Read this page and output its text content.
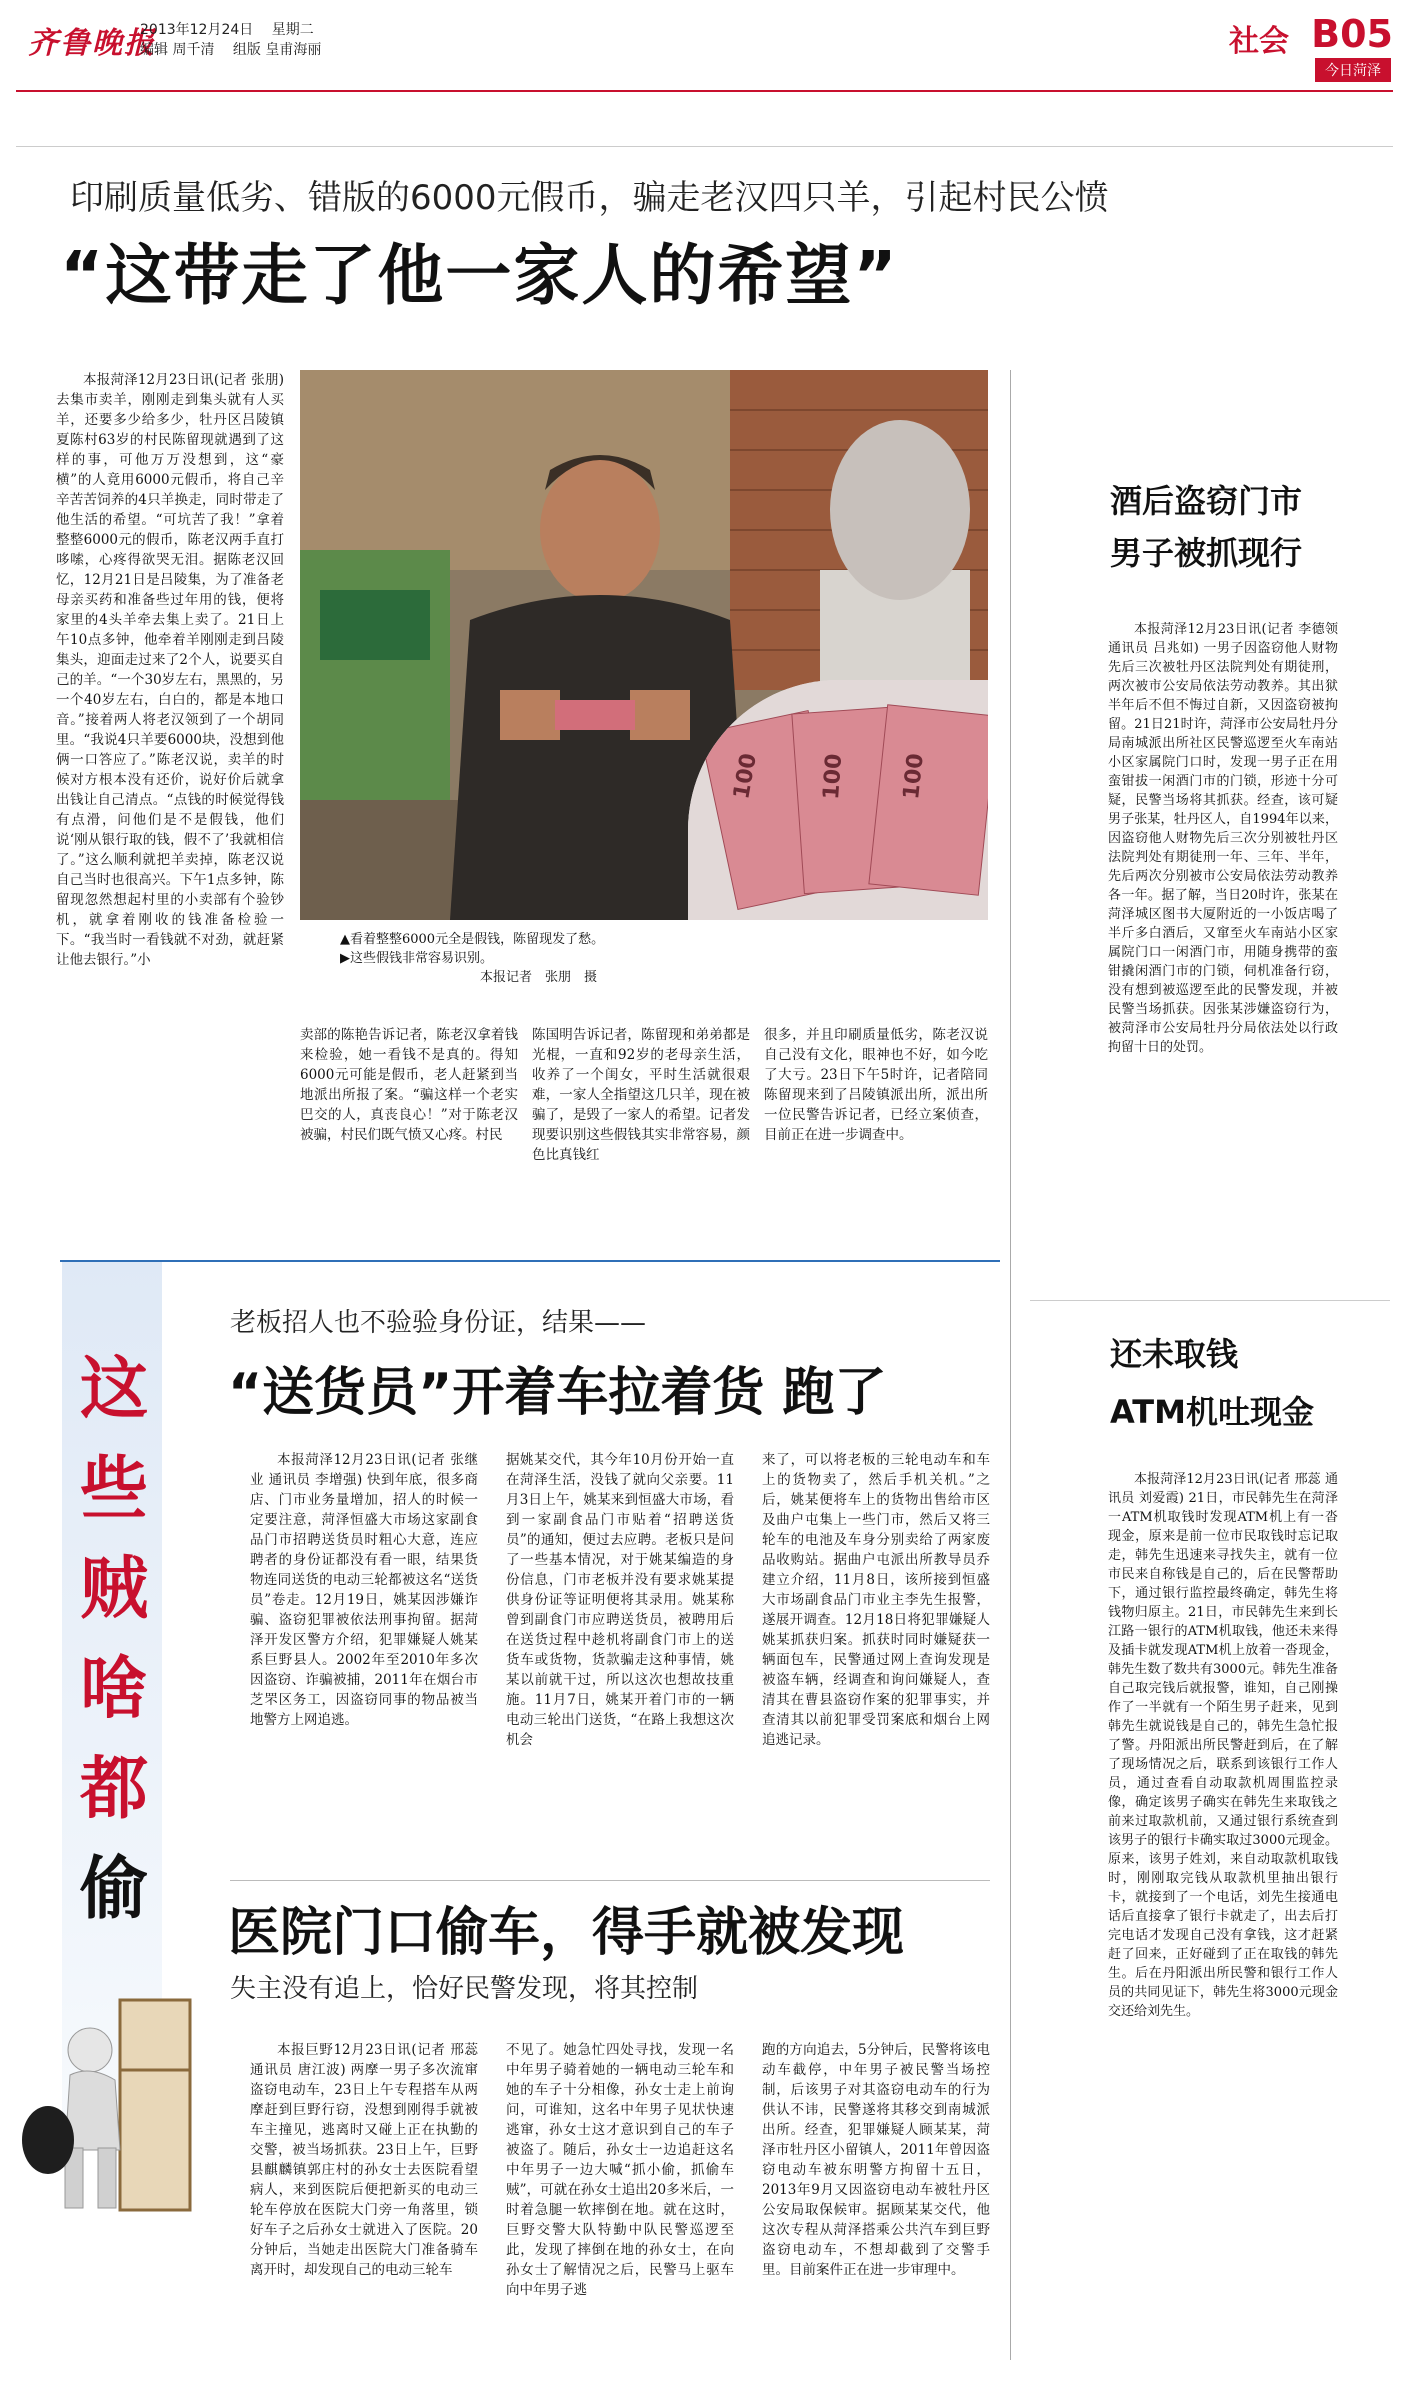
齐鲁晚报
2013年12月24日 星期二
编辑 周千清 组版 皇甫海丽	社会 B05
今日菏泽
印刷质量低劣、错版的6000元假币，骗走老汉四只羊，引起村民公愤
“这带走了他一家人的希望”

本报菏泽12月23日讯(记者 张朋) 去集市卖羊，刚刚走到集头就有人买羊，还要多少给多少，牡丹区吕陵镇夏陈村63岁的村民陈留现就遇到了这样的事，可他万万没想到，这“豪横”的人竟用6000元假币，将自己辛辛苦苦饲养的4只羊换走，同时带走了他生活的希望。“可坑苦了我！”拿着整整6000元的假币，陈老汉两手直打哆嗦，心疼得欲哭无泪。据陈老汉回忆，12月21日是吕陵集，为了准备老母亲买药和准备些过年用的钱，便将家里的4头羊牵去集上卖了。21日上午10点多钟，他牵着羊刚刚走到吕陵集头，迎面走过来了2个人，说要买自己的羊。“一个30岁左右，黑黑的，另一个40岁左右，白白的，都是本地口音。”接着两人将老汉领到了一个胡同里。“我说4只羊要6000块，没想到他俩一口答应了。”陈老汉说，卖羊的时候对方根本没有还价，说好价后就拿出钱让自己清点。“点钱的时候觉得钱有点滑，问他们是不是假钱，他们说‘刚从银行取的钱，假不了’我就相信了。”这么顺利就把羊卖掉，陈老汉说自己当时也很高兴。下午1点多钟，陈留现忽然想起村里的小卖部有个验钞机，就拿着刚收的钱准备检验一下。“我当时一看钱就不对劲，就赶紧让他去银行。”小

100	100 100
▲看着整整6000元全是假钱，陈留现发了愁。
▶这些假钱非常容易识别。
本报记者　张朋　摄

卖部的陈艳告诉记者，陈老汉拿着钱来检验，她一看钱不是真的。得知6000元可能是假币，老人赶紧到当地派出所报了案。“骗这样一个老实巴交的人，真丧良心！”对于陈老汉被骗，村民们既气愤又心疼。村民

陈国明告诉记者，陈留现和弟弟都是光棍，一直和92岁的老母亲生活，收养了一个闺女，平时生活就很艰难，一家人全指望这几只羊，现在被骗了，是毁了一家人的希望。记者发现要识别这些假钱其实非常容易，颜色比真钱红

很多，并且印刷质量低劣，陈老汉说自己没有文化，眼神也不好，如今吃了大亏。23日下午5时许，记者陪同陈留现来到了吕陵镇派出所，派出所一位民警告诉记者，已经立案侦查，目前正在进一步调查中。

酒后盗窃门市
男子被抓现行

本报菏泽12月23日讯(记者 李德领 通讯员 吕兆如) 一男子因盗窃他人财物先后三次被牡丹区法院判处有期徒刑，两次被市公安局依法劳动教养。其出狱半年后不但不悔过自新，又因盗窃被拘留。21日21时许，菏泽市公安局牡丹分局南城派出所社区民警巡逻至火车南站小区家属院门口时，发现一男子正在用蛮钳拔一闲酒门市的门锁，形迹十分可疑，民警当场将其抓获。经查，该可疑男子张某，牡丹区人，自1994年以来，因盗窃他人财物先后三次分别被牡丹区法院判处有期徒刑一年、三年、半年，先后两次分别被市公安局依法劳动教养各一年。据了解，当日20时许，张某在菏泽城区图书大厦附近的一小饭店喝了半斤多白酒后，又窜至火车南站小区家属院门口一闲酒门市，用随身携带的蛮钳撬闲酒门市的门锁，伺机准备行窃，没有想到被巡逻至此的民警发现，并被民警当场抓获。因张某涉嫌盗窃行为，被菏泽市公安局牡丹分局依法处以行政拘留十日的处罚。

还未取钱
ATM机吐现金

本报菏泽12月23日讯(记者 邢蕊 通讯员 刘爱霞) 21日，市民韩先生在菏泽一ATM机取钱时发现ATM机上有一沓现金，原来是前一位市民取钱时忘记取走，韩先生迅速来寻找失主，就有一位市民来自称钱是自己的，后在民警帮助下，通过银行监控最终确定，韩先生将钱物归原主。21日，市民韩先生来到长江路一银行的ATM机取钱，他还未来得及插卡就发现ATM机上放着一沓现金，韩先生数了数共有3000元。韩先生准备自己取完钱后就报警，谁知，自己刚操作了一半就有一个陌生男子赶来，见到韩先生就说钱是自己的，韩先生急忙报了警。丹阳派出所民警赶到后，在了解了现场情况之后，联系到该银行工作人员，通过查看自动取款机周围监控录像，确定该男子确实在韩先生来取钱之前来过取款机前，又通过银行系统查到该男子的银行卡确实取过3000元现金。原来，该男子姓刘，来自动取款机取钱时，刚刚取完钱从取款机里抽出银行卡，就接到了一个电话，刘先生接通电话后直接拿了银行卡就走了，出去后打完电话才发现自己没有拿钱，这才赶紧赶了回来，正好碰到了正在取钱的韩先生。后在丹阳派出所民警和银行工作人员的共同见证下，韩先生将3000元现金交还给刘先生。

这
些
贼
啥
都
偷
老板招人也不验验身份证，结果——
“送货员”开着车拉着货 跑了

本报菏泽12月23日讯(记者 张继业 通讯员 李增强) 快到年底，很多商店、门市业务量增加，招人的时候一定要注意，菏泽恒盛大市场这家副食品门市招聘送货员时粗心大意，连应聘者的身份证都没有看一眼，结果货物连同送货的电动三轮都被这名“送货员”卷走。12月19日，姚某因涉嫌诈骗、盗窃犯罪被依法刑事拘留。据菏泽开发区警方介绍，犯罪嫌疑人姚某系巨野县人。2002年至2010年多次因盗窃、诈骗被捕，2011年在烟台市芝罘区务工，因盗窃同事的物品被当地警方上网追逃。

据姚某交代，其今年10月份开始一直在菏泽生活，没钱了就向父亲要。11月3日上午，姚某来到恒盛大市场，看到一家副食品门市贴着“招聘送货员”的通知，便过去应聘。老板只是问了一些基本情况，对于姚某编造的身份信息，门市老板并没有要求姚某提供身份证等证明便将其录用。姚某称曾到副食门市应聘送货员，被聘用后在送货过程中趁机将副食门市上的送货车或货物，货款骗走这种事情，姚某以前就干过，所以这次也想故技重施。11月7日，姚某开着门市的一辆电动三轮出门送货，“在路上我想这次机会

来了，可以将老板的三轮电动车和车上的货物卖了，然后手机关机。”之后，姚某便将车上的货物出售给市区及曲户屯集上一些门市，然后又将三轮车的电池及车身分别卖给了两家废品收购站。据曲户屯派出所教导员乔建立介绍，11月8日，该所接到恒盛大市场副食品门市业主李先生报警，遂展开调查。12月18日将犯罪嫌疑人姚某抓获归案。抓获时同时嫌疑获一辆面包车，民警通过网上查询发现是被盗车辆，经调查和询问嫌疑人，查清其在曹县盗窃作案的犯罪事实，并查清其以前犯罪受罚案底和烟台上网追逃记录。

医院门口偷车，得手就被发现
失主没有追上，恰好民警发现，将其控制

本报巨野12月23日讯(记者 邢蕊 通讯员 唐江波) 两摩一男子多次流窜盗窃电动车，23日上午专程搭车从两摩赶到巨野行窃，没想到刚得手就被车主撞见，逃离时又碰上正在执勤的交警，被当场抓获。23日上午，巨野县麒麟镇郭庄村的孙女士去医院看望病人，来到医院后便把新买的电动三轮车停放在医院大门旁一角落里，锁好车子之后孙女士就进入了医院。20分钟后，当她走出医院大门准备骑车离开时，却发现自己的电动三轮车

不见了。她急忙四处寻找，发现一名中年男子骑着她的一辆电动三轮车和她的车子十分相像，孙女士走上前询问，可谁知，这名中年男子见状快速逃窜，孙女士这才意识到自己的车子被盗了。随后，孙女士一边追赶这名中年男子一边大喊“抓小偷，抓偷车贼”，可就在孙女士追出20多米后，一时着急腿一软摔倒在地。就在这时，巨野交警大队特勤中队民警巡逻至此，发现了摔倒在地的孙女士，在向孙女士了解情况之后，民警马上驱车向中年男子逃

跑的方向追去，5分钟后，民警将该电动车截停，中年男子被民警当场控制，后该男子对其盗窃电动车的行为供认不讳，民警遂将其移交到南城派出所。经查，犯罪嫌疑人顾某某，菏泽市牡丹区小留镇人，2011年曾因盗窃电动车被东明警方拘留十五日，2013年9月又因盗窃电动车被牡丹区公安局取保候审。据顾某某交代，他这次专程从菏泽搭乘公共汽车到巨野盗窃电动车，不想却截到了交警手里。目前案件正在进一步审理中。
